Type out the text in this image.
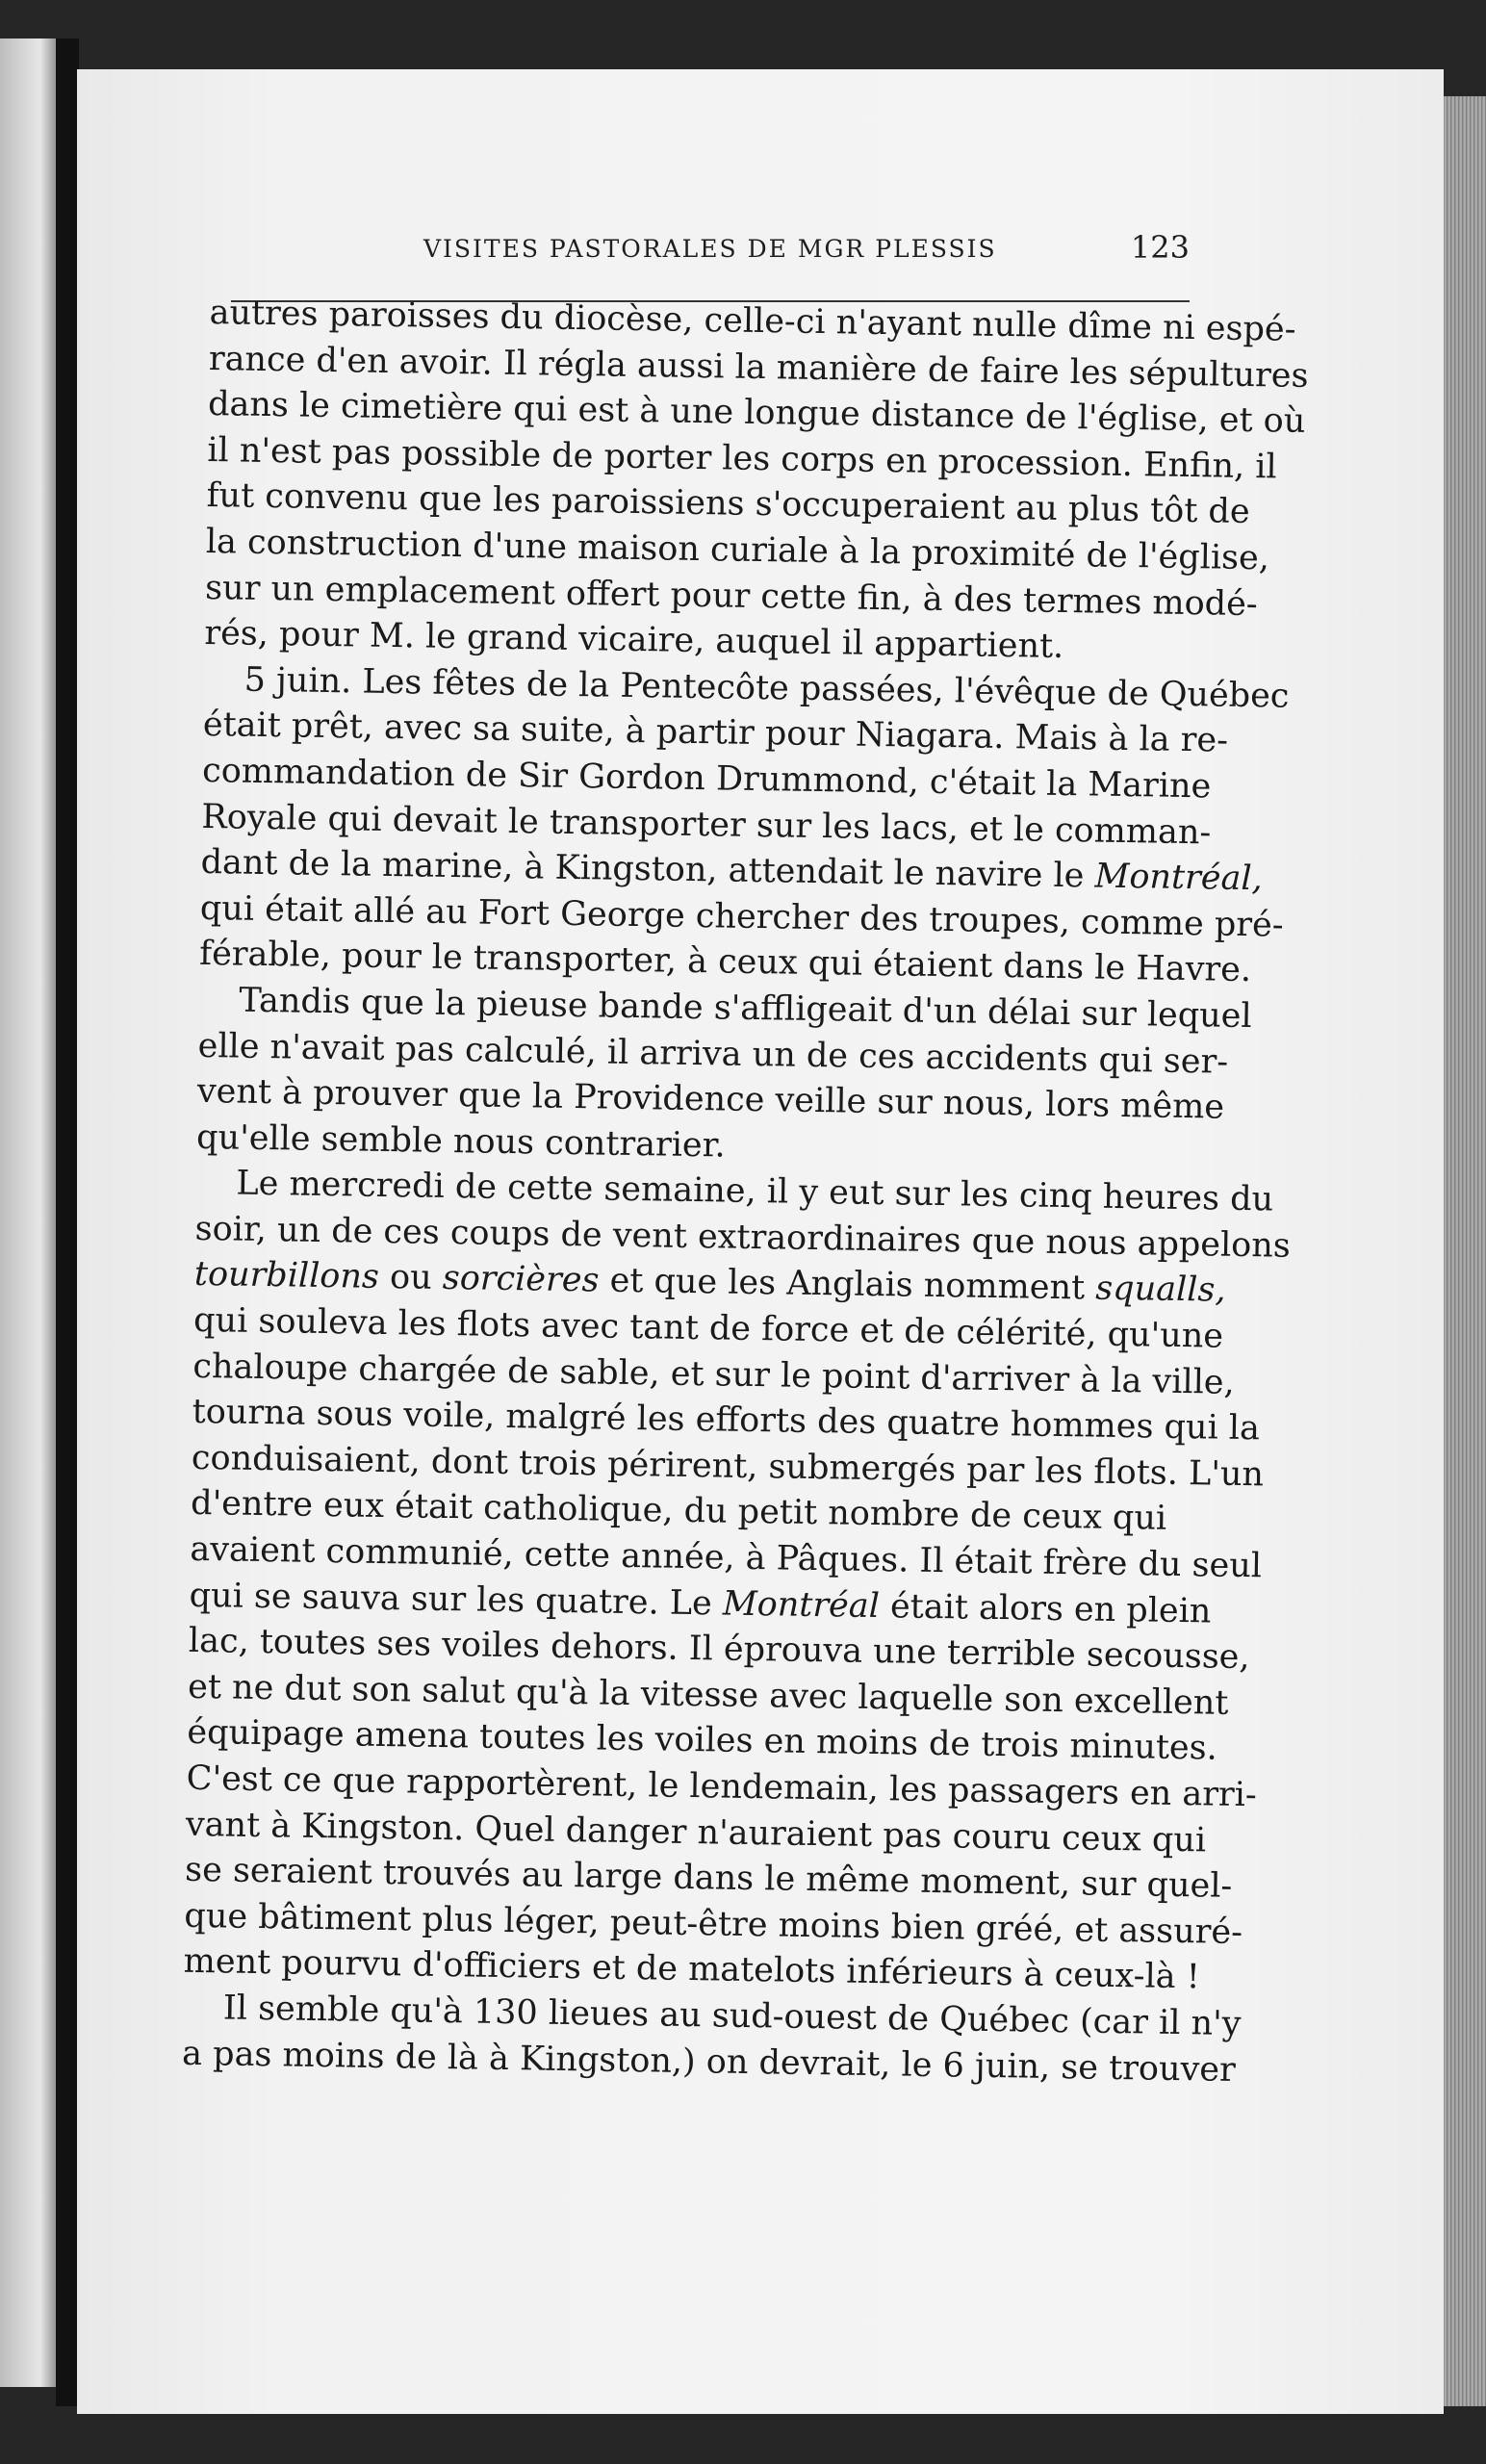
VISITES PASTORALES DE MGR PLESSIS	123
autres paroisses du diocèse, celle-ci n'ayant nulle dîme ni espé-
rance d'en avoir. Il régla aussi la manière de faire les sépultures
dans le cimetière qui est à une longue distance de l'église, et où
il n'est pas possible de porter les corps en procession. Enfin, il
fut convenu que les paroissiens s'occuperaient au plus tôt de
la construction d'une maison curiale à la proximité de l'église,
sur un emplacement offert pour cette fin, à des termes modé-
rés, pour M. le grand vicaire, auquel il appartient.
5 juin. Les fêtes de la Pentecôte passées, l'évêque de Québec
était prêt, avec sa suite, à partir pour Niagara. Mais à la re-
commandation de Sir Gordon Drummond, c'était la Marine
Royale qui devait le transporter sur les lacs, et le comman-
dant de la marine, à Kingston, attendait le navire le Montréal,
qui était allé au Fort George chercher des troupes, comme pré-
férable, pour le transporter, à ceux qui étaient dans le Havre.
Tandis que la pieuse bande s'affligeait d'un délai sur lequel
elle n'avait pas calculé, il arriva un de ces accidents qui ser-
vent à prouver que la Providence veille sur nous, lors même
qu'elle semble nous contrarier.
Le mercredi de cette semaine, il y eut sur les cinq heures du
soir, un de ces coups de vent extraordinaires que nous appelons
tourbillons ou sorcières et que les Anglais nomment squalls,
qui souleva les flots avec tant de force et de célérité, qu'une
chaloupe chargée de sable, et sur le point d'arriver à la ville,
tourna sous voile, malgré les efforts des quatre hommes qui la
conduisaient, dont trois périrent, submergés par les flots. L'un
d'entre eux était catholique, du petit nombre de ceux qui
avaient communié, cette année, à Pâques. Il était frère du seul
qui se sauva sur les quatre. Le Montréal était alors en plein
lac, toutes ses voiles dehors. Il éprouva une terrible secousse,
et ne dut son salut qu'à la vitesse avec laquelle son excellent
équipage amena toutes les voiles en moins de trois minutes.
C'est ce que rapportèrent, le lendemain, les passagers en arri-
vant à Kingston. Quel danger n'auraient pas couru ceux qui
se seraient trouvés au large dans le même moment, sur quel-
que bâtiment plus léger, peut-être moins bien gréé, et assuré-
ment pourvu d'officiers et de matelots inférieurs à ceux-là !
Il semble qu'à 130 lieues au sud-ouest de Québec (car il n'y
a pas moins de là à Kingston,) on devrait, le 6 juin, se trouver
